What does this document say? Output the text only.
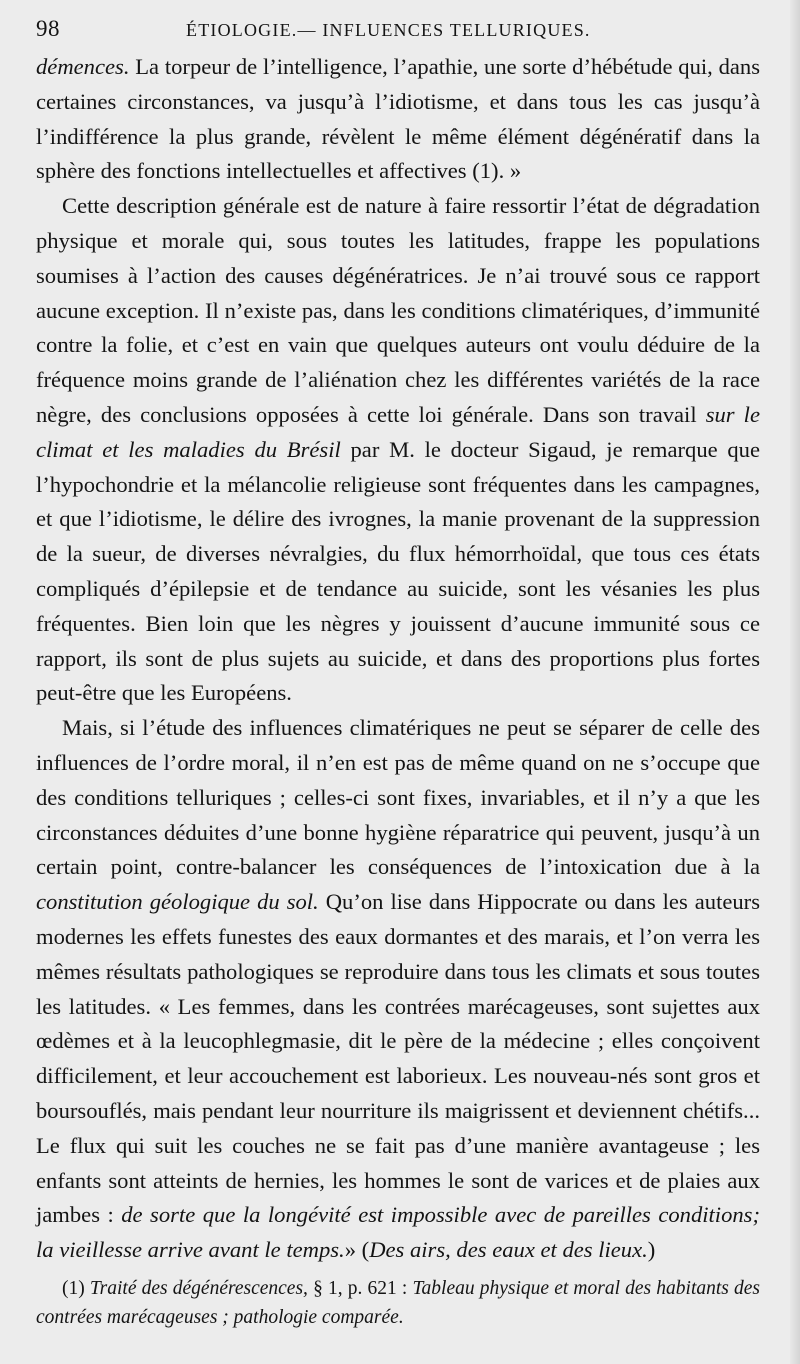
98	ÉTIOLOGIE.— INFLUENCES TELLURIQUES.

démences. La torpeur de l’intelligence, l’apathie, une sorte d’hébétude qui, dans certaines circonstances, va jusqu’à l’idiotisme, et dans tous les cas jusqu’à l’indifférence la plus grande, révèlent le même élément dégénératif dans la sphère des fonctions intellectuelles et affectives (1). »

Cette description générale est de nature à faire ressortir l’état de dégradation physique et morale qui, sous toutes les latitudes, frappe les populations soumises à l’action des causes dégénératrices. Je n’ai trouvé sous ce rapport aucune exception. Il n’existe pas, dans les conditions climatériques, d’immunité contre la folie, et c’est en vain que quelques auteurs ont voulu déduire de la fréquence moins grande de l’aliénation chez les différentes variétés de la race nègre, des conclusions opposées à cette loi générale. Dans son travail sur le climat et les maladies du Brésil par M. le docteur Sigaud, je remarque que l’hypochondrie et la mélancolie religieuse sont fréquentes dans les campagnes, et que l’idiotisme, le délire des ivrognes, la manie provenant de la suppression de la sueur, de diverses névralgies, du flux hémorrhoïdal, que tous ces états compliqués d’épilepsie et de tendance au suicide, sont les vésanies les plus fréquentes. Bien loin que les nègres y jouissent d’aucune immunité sous ce rapport, ils sont de plus sujets au suicide, et dans des proportions plus fortes peut-être que les Européens.

Mais, si l’étude des influences climatériques ne peut se séparer de celle des influences de l’ordre moral, il n’en est pas de même quand on ne s’occupe que des conditions telluriques ; celles-ci sont fixes, invariables, et il n’y a que les circonstances déduites d’une bonne hygiène réparatrice qui peuvent, jusqu’à un certain point, contre-balancer les conséquences de l’intoxication due à la constitution géologique du sol. Qu’on lise dans Hippocrate ou dans les auteurs modernes les effets funestes des eaux dormantes et des marais, et l’on verra les mêmes résultats pathologiques se reproduire dans tous les climats et sous toutes les latitudes. « Les femmes, dans les contrées marécageuses, sont sujettes aux œdèmes et à la leucophlegmasie, dit le père de la médecine ; elles conçoivent difficilement, et leur accouchement est laborieux. Les nouveau-nés sont gros et boursouflés, mais pendant leur nourriture ils maigrissent et deviennent chétifs... Le flux qui suit les couches ne se fait pas d’une manière avantageuse ; les enfants sont atteints de hernies, les hommes le sont de varices et de plaies aux jambes : de sorte que la longévité est impossible avec de pareilles conditions; la vieillesse arrive avant le temps.» (Des airs, des eaux et des lieux.)

(1) Traité des dégénérescences, § 1, p. 621 : Tableau physique et moral des habitants des contrées marécageuses ; pathologie comparée.
